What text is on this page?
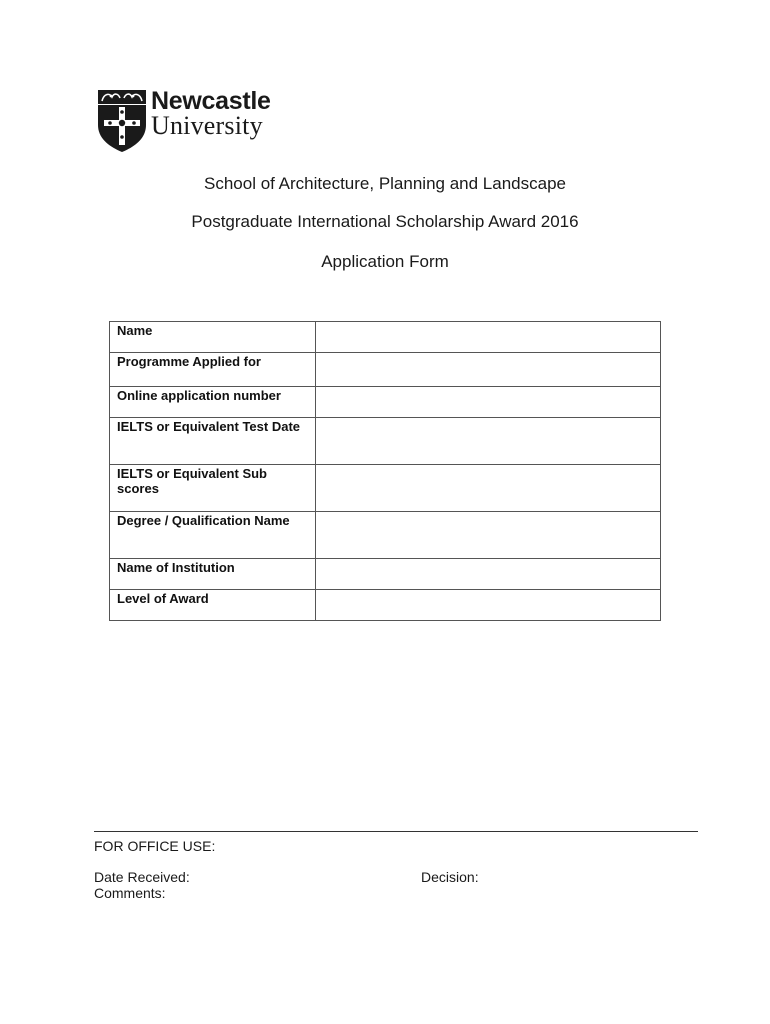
Newcastle
University
School of Architecture, Planning and Landscape
Postgraduate International Scholarship Award 2016
Application Form
Name	
Programme Applied for	
Online application number	
IELTS or Equivalent Test Date	
IELTS or Equivalent Sub scores	
Degree / Qualification Name	
Name of Institution	
Level of Award	
FOR OFFICE USE:
Date Received:
Comments:
Decision:
